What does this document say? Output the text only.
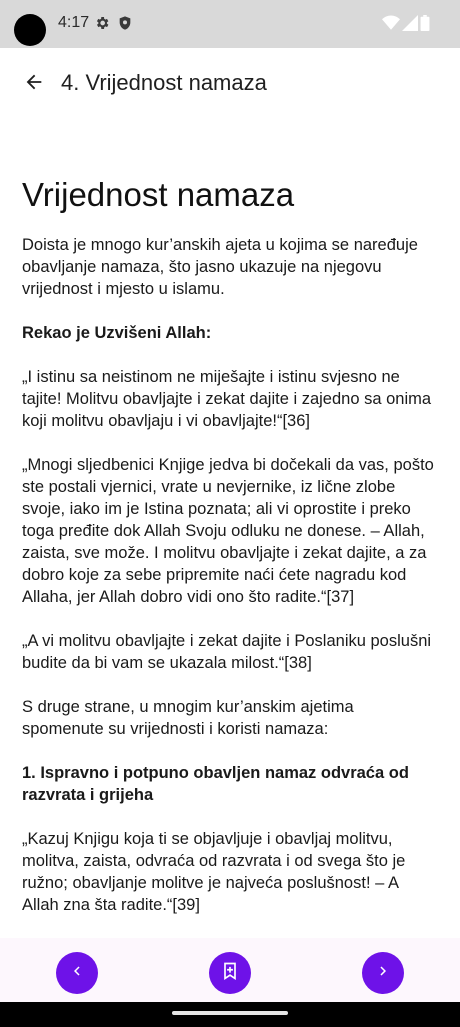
4:17
4. Vrijednost namaza
Vrijednost namaza

Doista je mnogo kur’anskih ajeta u kojima se naređuje obavljanje namaza, što jasno ukazuje na njegovu vrijednost i mjesto u islamu.

Rekao je Uzvišeni Allah:

„I istinu sa neistinom ne miješajte i istinu svjesno ne tajite! Molitvu obavljajte i zekat dajite i zajedno sa onima koji molitvu obavljaju i vi obavljajte!“[36]

„Mnogi sljedbenici Knjige jedva bi dočekali da vas, pošto ste postali vjernici, vrate u nevjernike, iz lične zlobe svoje, iako im je Istina poznata; ali vi oprostite i preko toga pređite dok Allah Svoju odluku ne donese. – Allah, zaista, sve može. I molitvu obavljajte i zekat dajite, a za dobro koje za sebe pripremite naći ćete nagradu kod Allaha, jer Allah dobro vidi ono što radite.“[37]

„A vi molitvu obavljajte i zekat dajite i Poslaniku poslušni budite da bi vam se ukazala milost.“[38]

S druge strane, u mnogim kur’anskim ajetima spomenute su vrijednosti i koristi namaza:

1. Ispravno i potpuno obavljen namaz odvraća od razvrata i grijeha

„Kazuj Knjigu koja ti se objavljuje i obavljaj molitvu, molitva, zaista, odvraća od razvrata i od svega što je ružno; obavljanje molitve je najveća poslušnost! – A Allah zna šta radite.“[39]
